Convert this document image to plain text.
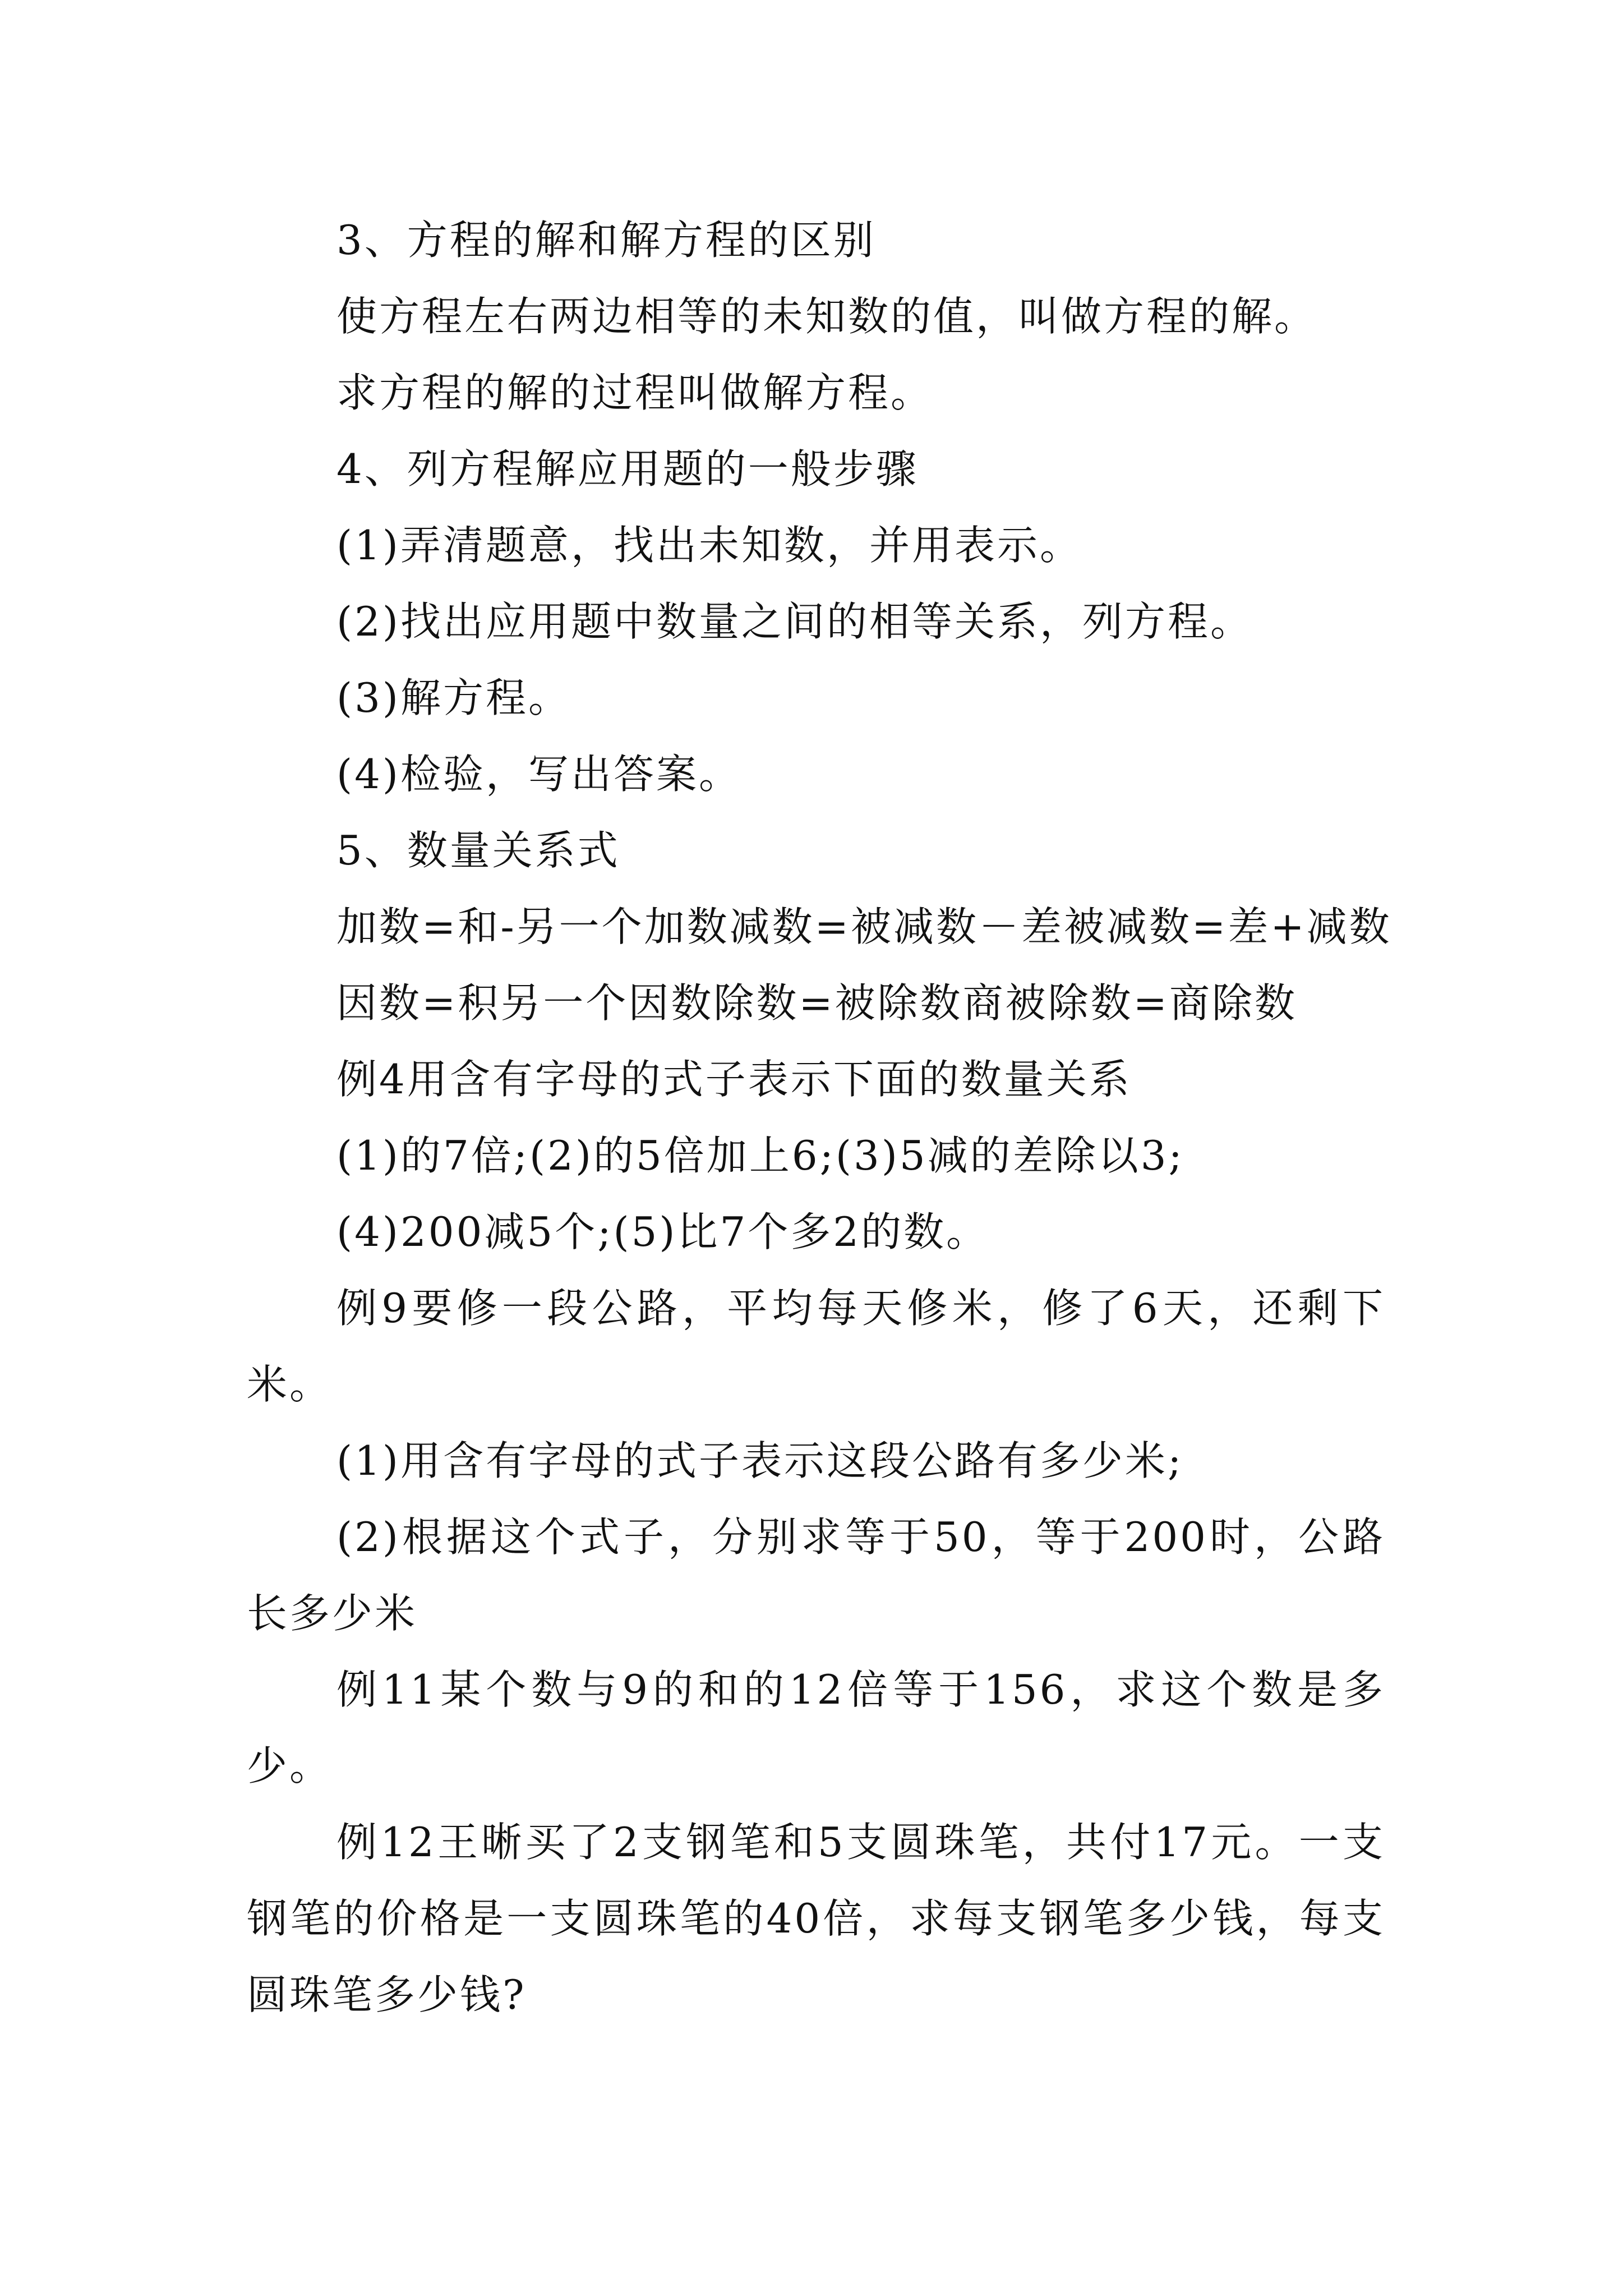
3、方程的解和解方程的区别
使方程左右两边相等的未知数的值，叫做方程的解。
求方程的解的过程叫做解方程。
4、列方程解应用题的一般步骤
(1)弄清题意，找出未知数，并用表示。
(2)找出应用题中数量之间的相等关系，列方程。
(3)解方程。
(4)检验，写出答案。
5、数量关系式
加数=和-另一个加数减数=被减数－差被减数=差+减数
因数=积另一个因数除数=被除数商被除数=商除数
例4用含有字母的式子表示下面的数量关系
(1)的7倍;(2)的5倍加上6;(3)5减的差除以3;
(4)200减5个;(5)比7个多2的数。
例9要修一段公路，平均每天修米，修了6天，还剩下米。
(1)用含有字母的式子表示这段公路有多少米;
(2)根据这个式子，分别求等于50，等于200时，公路长多少米
例11某个数与9的和的12倍等于156，求这个数是多少。
例12王晰买了2支钢笔和5支圆珠笔，共付17元。一支钢笔的价格是一支圆珠笔的40倍，求每支钢笔多少钱，每支圆珠笔多少钱?
